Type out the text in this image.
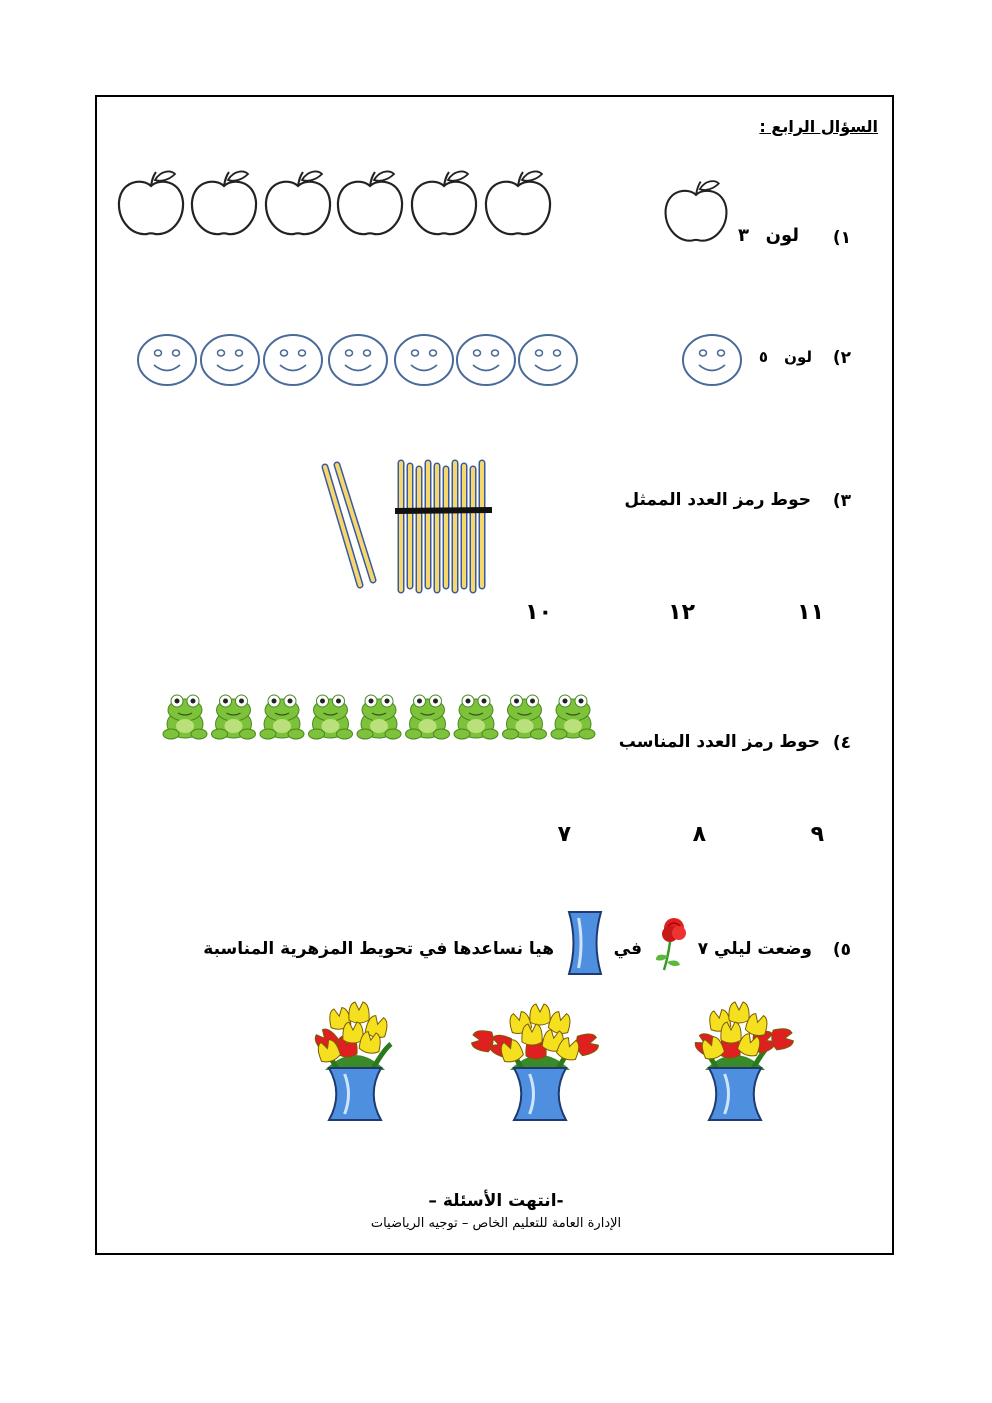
السؤال الرابع :
١)
لون
٣
٢)
لون
٥
٣)
حوط رمز العدد الممثل
١١
١٢
١٠
٤)
حوط رمز العدد المناسب
٩
٨
٧
٥)
وضعت ليلي ٧
في
هيا نساعدها في تحويط المزهرية المناسبة
-انتهت الأسئلة –
الإدارة العامة للتعليم الخاص – توجيه الرياضيات
